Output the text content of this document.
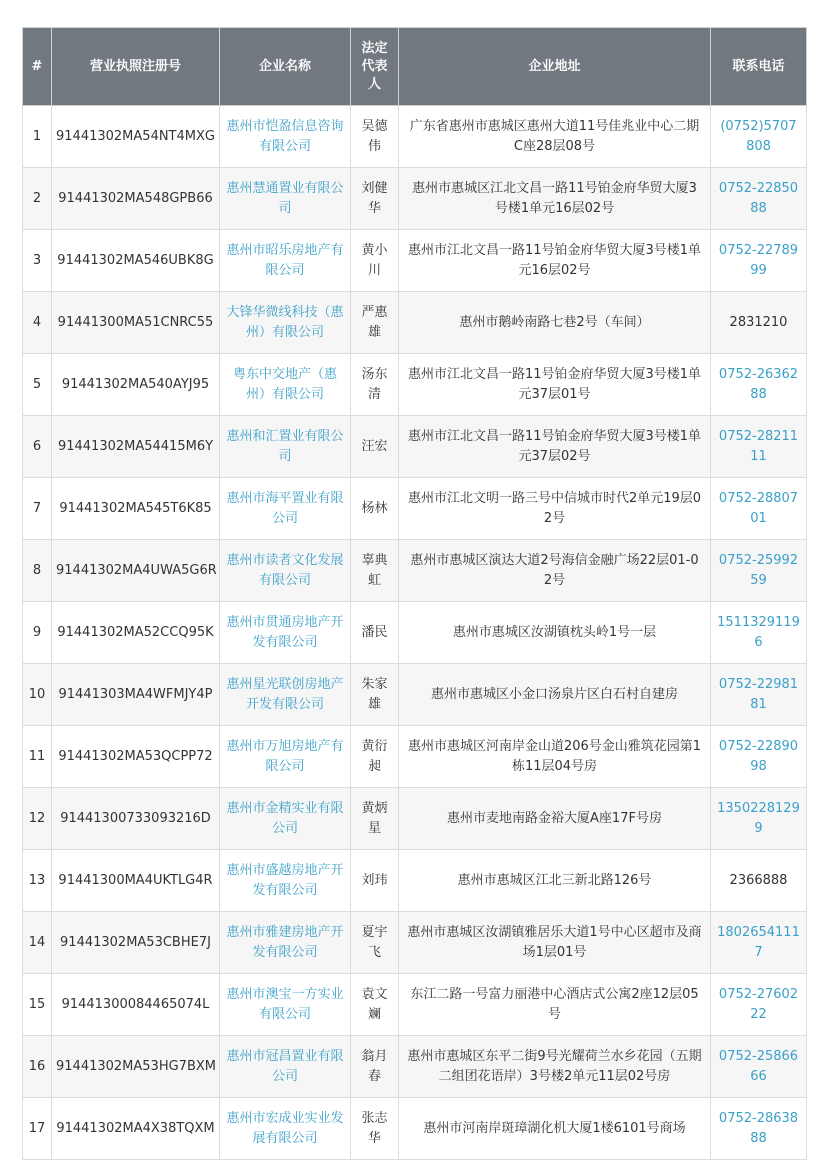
#	营业执照注册号	企业名称	法定代表人	企业地址	联系电话
1	91441302MA54NT4MXG	惠州市恺盈信息咨询有限公司	吴德伟	广东省惠州市惠城区惠州大道11号佳兆业中心二期C座28层08号	(0752)5707808
2	91441302MA548GPB66	惠州慧通置业有限公司	刘健华	惠州市惠城区江北文昌一路11号铂金府华贸大厦3号楼1单元16层02号	0752-2285088
3	91441302MA546UBK8G	惠州市昭乐房地产有限公司	黄小川	惠州市江北文昌一路11号铂金府华贸大厦3号楼1单元16层02号	0752-2278999
4	91441300MA51CNRC55	大锋华微线科技（惠州）有限公司	严惠雄	惠州市鹅岭南路七巷2号（车间）	2831210
5	91441302MA540AYJ95	粤东中交地产（惠州）有限公司	汤东清	惠州市江北文昌一路11号铂金府华贸大厦3号楼1单元37层01号	0752-2636288
6	91441302MA54415M6Y	惠州和汇置业有限公司	汪宏	惠州市江北文昌一路11号铂金府华贸大厦3号楼1单元37层02号	0752-2821111
7	91441302MA545T6K85	惠州市海平置业有限公司	杨林	惠州市江北文明一路三号中信城市时代2单元19层02号	0752-2880701
8	91441302MA4UWA5G6R	惠州市读者文化发展有限公司	辜典虹	惠州市惠城区演达大道2号海信金融广场22层01-02号	0752-2599259
9	91441302MA52CCQ95K	惠州市贯通房地产开发有限公司	潘民	惠州市惠城区汝湖镇枕头岭1号一层	15113291196
10	91441303MA4WFMJY4P	惠州星光联创房地产开发有限公司	朱家雄	惠州市惠城区小金口汤泉片区白石村自建房	0752-2298181
11	91441302MA53QCPP72	惠州市万旭房地产有限公司	黄衍昶	惠州市惠城区河南岸金山道206号金山雅筑花园第1栋11层04号房	0752-2289098
12	91441300733093216D	惠州市金精实业有限公司	黄炳星	惠州市麦地南路金裕大厦A座17F号房	13502281299
13	91441300MA4UKTLG4R	惠州市盛越房地产开发有限公司	刘玮	惠州市惠城区江北三新北路126号	2366888
14	91441302MA53CBHE7J	惠州市雅建房地产开发有限公司	夏宇飞	惠州市惠城区汝湖镇雅居乐大道1号中心区超市及商场1层01号	18026541117
15	91441300084465074L	惠州市澳宝一方实业有限公司	袁文斓	东江二路一号富力丽港中心酒店式公寓2座12层05号	0752-2760222
16	91441302MA53HG7BXM	惠州市冠昌置业有限公司	翁月春	惠州市惠城区东平二街9号光耀荷兰水乡花园（五期二组团花语岸）3号楼2单元11层02号房	0752-2586666
17	91441302MA4X38TQXM	惠州市宏成业实业发展有限公司	张志华	惠州市河南岸斑璋湖化机大厦1楼6101号商场	0752-2863888
